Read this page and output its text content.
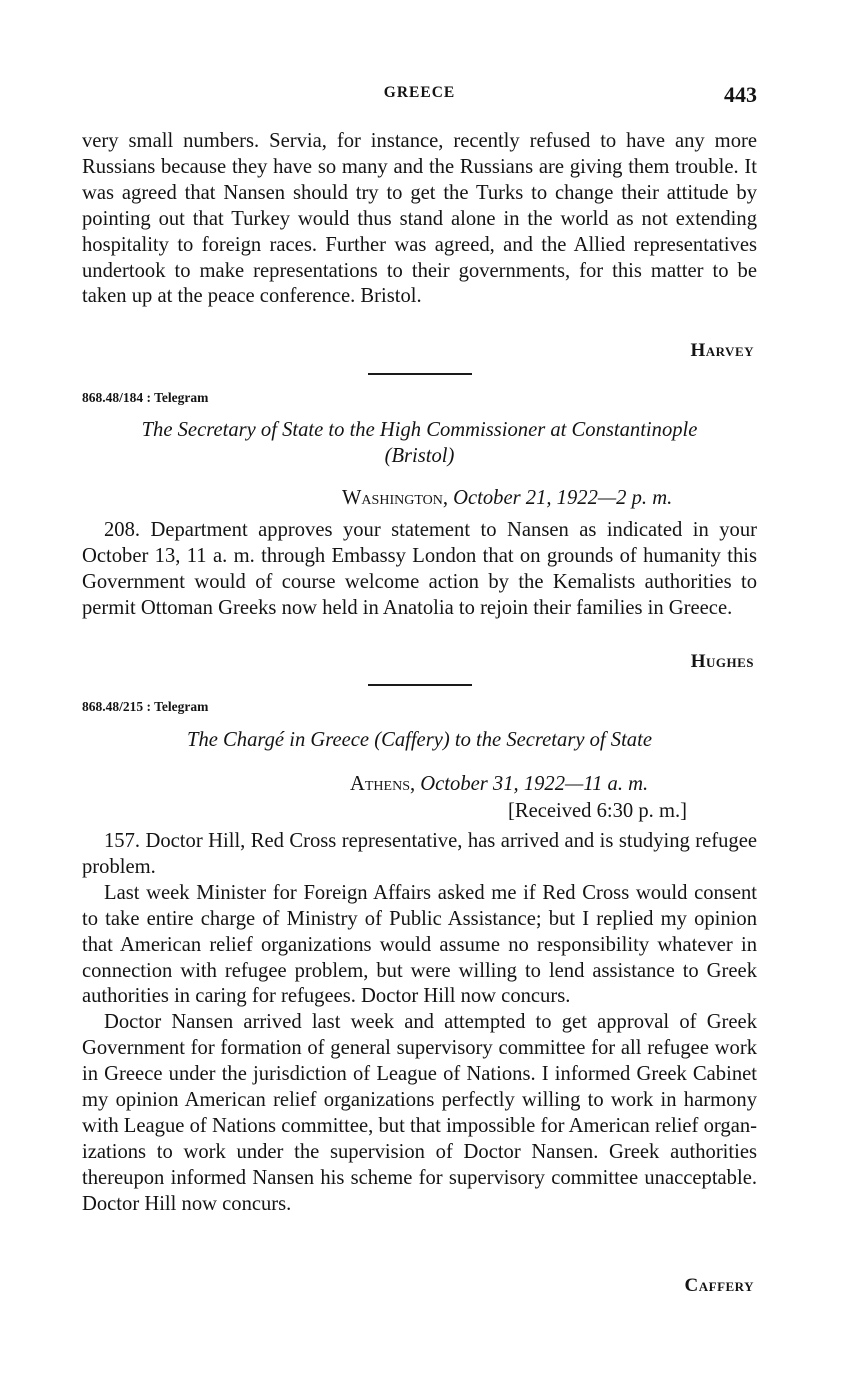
GREECE	443

very small numbers. Servia, for instance, recently refused to have any more Russians because they have so many and the Russians are giving them trouble. It was agreed that Nansen should try to get the Turks to change their attitude by pointing out that Turkey would thus stand alone in the world as not extending hospitality to foreign races. Further was agreed, and the Allied representatives undertook to make representations to their governments, for this matter to be taken up at the peace conference. Bristol.

Harvey
868.48/184 : Telegram
The Secretary of State to the High Commissioner at Constantinople
(Bristol)
Washington, October 21, 1922—2 p. m.

208. Department approves your statement to Nansen as indicated in your October 13, 11 a. m. through Embassy London that on grounds of humanity this Government would of course welcome action by the Kemalists authorities to permit Ottoman Greeks now held in Anatolia to rejoin their families in Greece.

Hughes
868.48/215 : Telegram
The Chargé in Greece (Caffery) to the Secretary of State
Athens, October 31, 1922—11 a. m.
[Received 6:30 p. m.]

157. Doctor Hill, Red Cross representative, has arrived and is studying refugee problem.

Last week Minister for Foreign Affairs asked me if Red Cross would consent to take entire charge of Ministry of Public Assistance; but I replied my opinion that American relief organizations would assume no responsibility whatever in connection with refugee problem, but were willing to lend assistance to Greek authorities in caring for refugees. Doctor Hill now concurs.

Doctor Nansen arrived last week and attempted to get approval of Greek Government for formation of general supervisory committee for all refugee work in Greece under the jurisdiction of League of Nations. I informed Greek Cabinet my opinion American relief organizations perfectly willing to work in harmony with League of Nations committee, but that impossible for American relief organizations to work under the supervision of Doctor Nansen. Greek authorities thereupon informed Nansen his scheme for supervisory committee unacceptable. Doctor Hill now concurs.

Caffery
